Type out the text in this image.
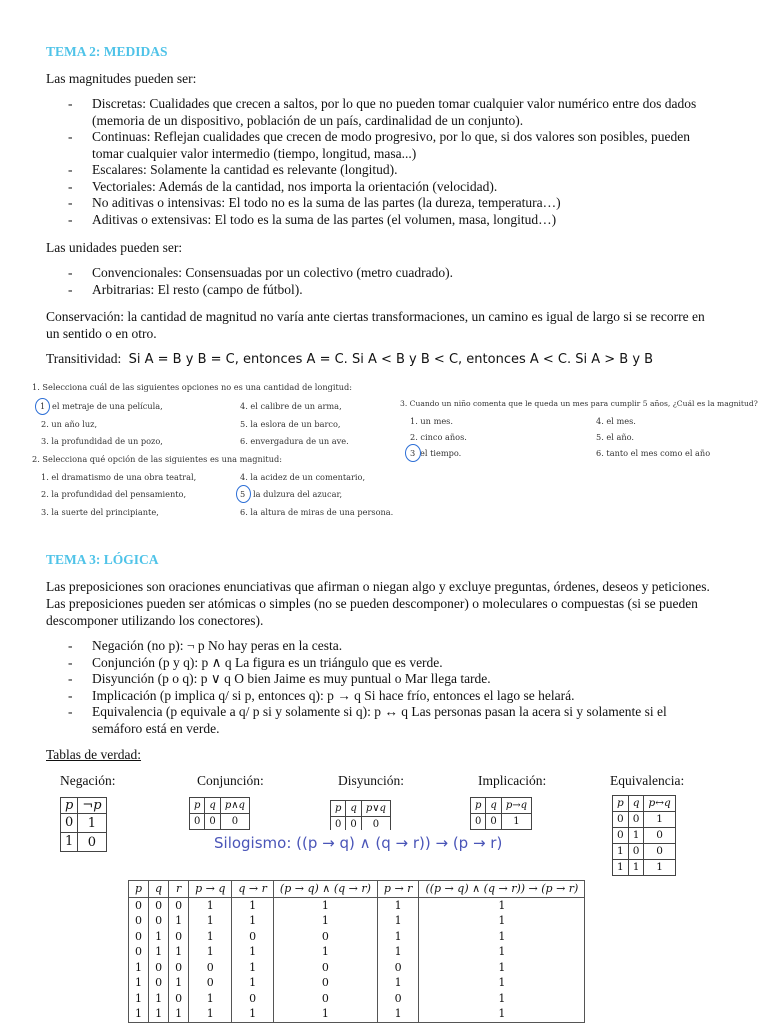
TEMA 2: MEDIDAS
Las magnitudes pueden ser:
- Discretas: Cualidades que crecen a saltos, por lo que no pueden tomar cualquier valor numérico entre dos dados (memoria de un dispositivo, población de un país, cardinalidad de un conjunto).
- Continuas: Reflejan cualidades que crecen de modo progresivo, por lo que, si dos valores son posibles, pueden tomar cualquier valor intermedio (tiempo, longitud, masa...)
- Escalares: Solamente la cantidad es relevante (longitud).
- Vectoriales: Además de la cantidad, nos importa la orientación (velocidad).
- No aditivas o intensivas: El todo no es la suma de las partes (la dureza, temperatura…)
- Aditivas o extensivas: El todo es la suma de las partes (el volumen, masa, longitud…)
Las unidades pueden ser:
- Convencionales: Consensuadas por un colectivo (metro cuadrado).
- Arbitrarias: El resto (campo de fútbol).
Conservación: la cantidad de magnitud no varía ante ciertas transformaciones, un camino es igual de largo si se recorre en un sentido o en otro.
Transitividad: Si A = B y B = C, entonces A = C. Si A < B y B < C, entonces A < C. Si A > B y B
1. Selecciona cuál de las siguientes opciones no es una cantidad de longitud:
el metraje de una película,	4. el calibre de un arma,
2. un año luz,	5. la eslora de un barco,
3. la profundidad de un pozo,	6. envergadura de un ave.
1
2. Selecciona qué opción de las siguientes es una magnitud:
1. el dramatismo de una obra teatral,	4. la acidez de un comentario,
2. la profundidad del pensamiento,	la dulzura del azucar,
3. la suerte del principiante,	6. la altura de miras de una persona.
5
3. Cuando un niño comenta que le queda un mes para cumplir 5 años, ¿Cuál es la magnitud?
1. un mes.	4. el mes.
2. cinco años.	5. el año.
el tiempo.	6. tanto el mes como el año
3
TEMA 3: LÓGICA
Las preposiciones son oraciones enunciativas que afirman o niegan algo y excluye preguntas, órdenes, deseos y peticiones. Las preposiciones pueden ser atómicas o simples (no se pueden descomponer) o moleculares o compuestas (si se pueden descomponer utilizando los conectores).
- Negación (no p): ¬ p No hay peras en la cesta.
- Conjunción (p y q): p ∧ q La figura es un triángulo que es verde.
- Disyunción (p o q): p ∨ q O bien Jaime es muy puntual o Mar llega tarde.
- Implicación (p implica q/ si p, entonces q): p → q Si hace frío, entonces el lago se helará.
- Equivalencia (p equivale a q/ p si y solamente si q): p ↔ q Las personas pasan la acera si y solamente si el semáforo está en verde.
Tablas de verdad:
Negación:	Conjunción:	Disyunción:	Implicación:	Equivalencia:
p	¬p
0	1
1	0
p	q	p∧q
0	0	0
p	q	p∨q
0	0	0
p	q	p→q
0	0	1
p	q	p↔q
0	0	1
0	1	0
1	0	0
1	1	1
Silogismo: ((p → q) ∧ (q → r)) → (p → r)
p	q	r	p → q	q → r	(p → q) ∧ (q → r)	p → r	((p → q) ∧ (q → r)) → (p → r)
0	0	0	1	1	1	1	1
0	0	1	1	1	1	1	1
0	1	0	1	0	0	1	1
0	1	1	1	1	1	1	1
1	0	0	0	1	0	0	1
1	0	1	0	1	0	1	1
1	1	0	1	0	0	0	1
1	1	1	1	1	1	1	1
